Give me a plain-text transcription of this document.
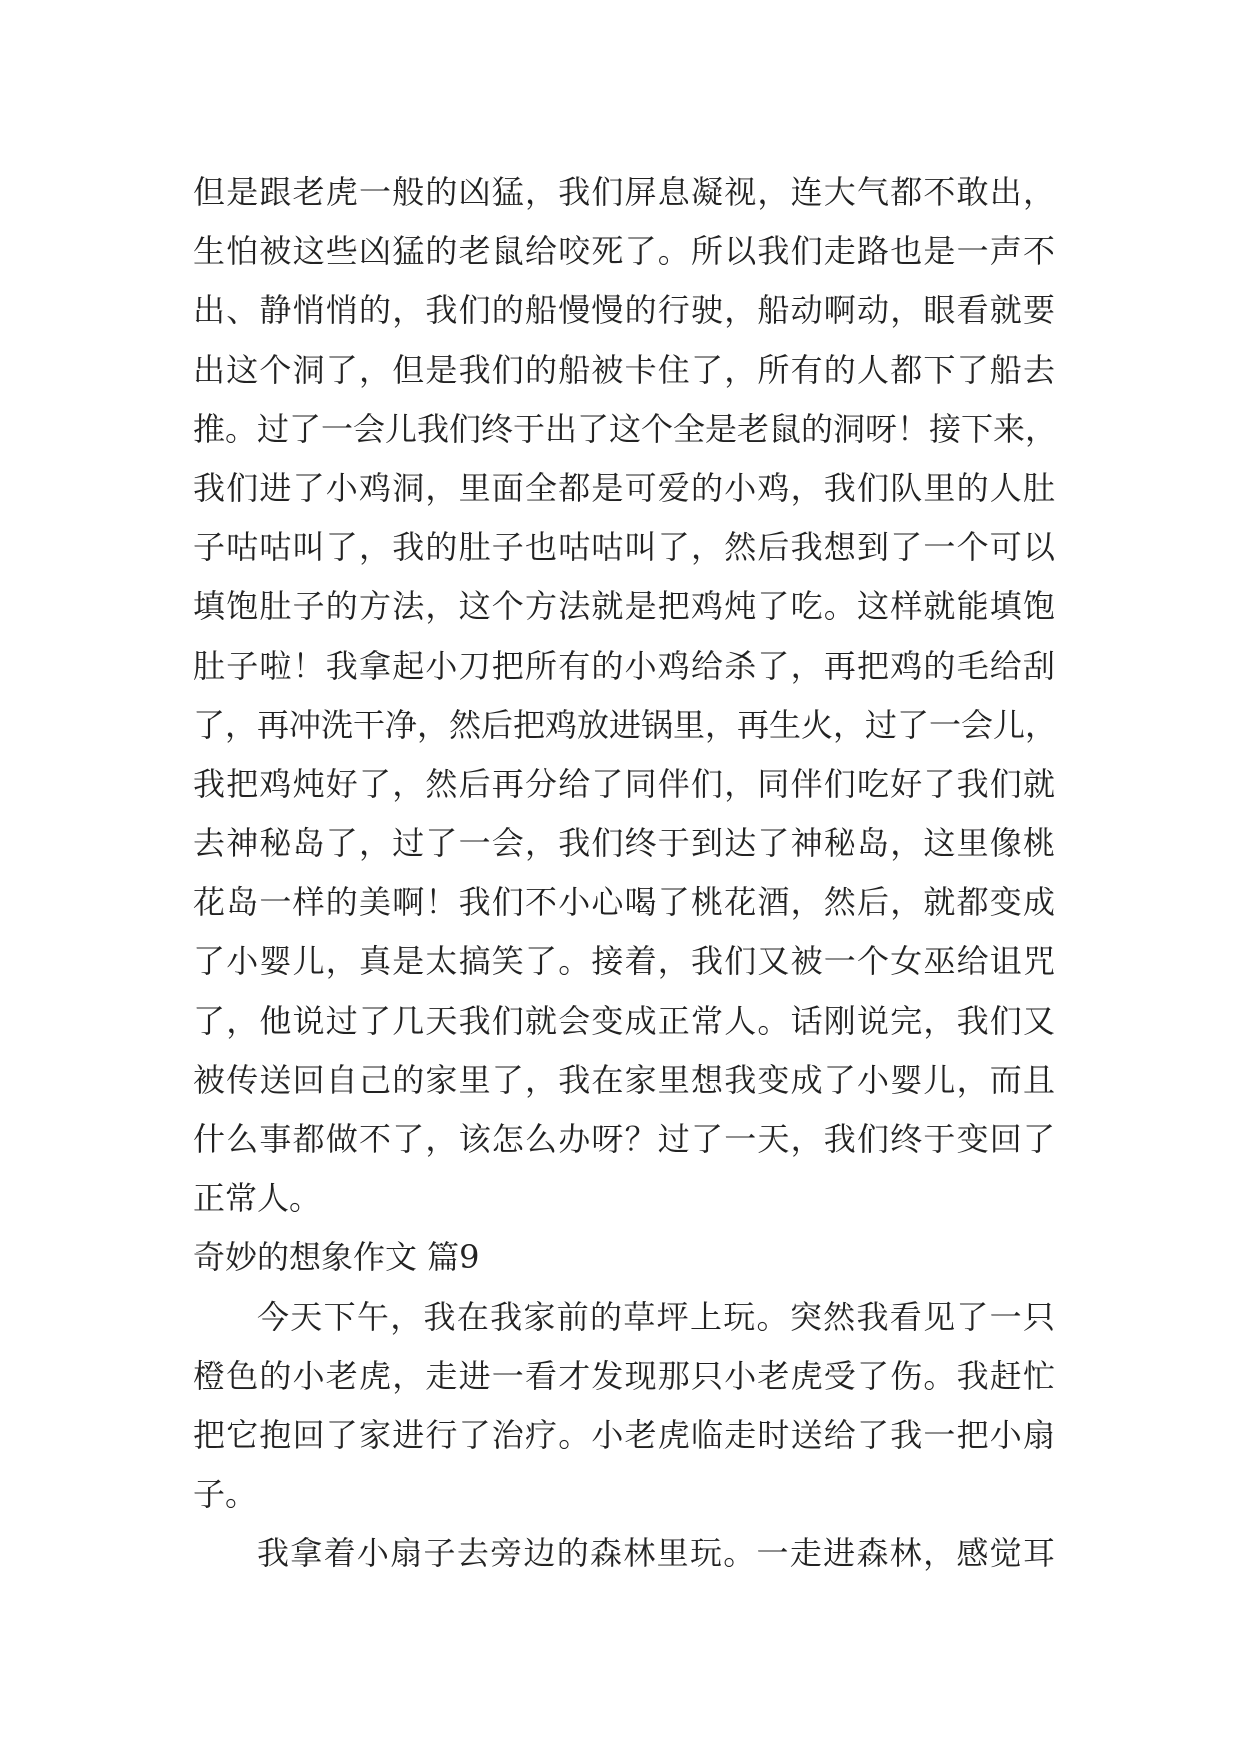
但是跟老虎一般的凶猛，我们屏息凝视，连大气都不敢出，
生怕被这些凶猛的老鼠给咬死了。所以我们走路也是一声不
出、静悄悄的，我们的船慢慢的行驶，船动啊动，眼看就要
出这个洞了，但是我们的船被卡住了，所有的人都下了船去
推。过了一会儿我们终于出了这个全是老鼠的洞呀！接下来，
我们进了小鸡洞，里面全都是可爱的小鸡，我们队里的人肚
子咕咕叫了，我的肚子也咕咕叫了，然后我想到了一个可以
填饱肚子的方法，这个方法就是把鸡炖了吃。这样就能填饱
肚子啦！我拿起小刀把所有的小鸡给杀了，再把鸡的毛给刮
了，再冲洗干净，然后把鸡放进锅里，再生火，过了一会儿，
我把鸡炖好了，然后再分给了同伴们，同伴们吃好了我们就
去神秘岛了，过了一会，我们终于到达了神秘岛，这里像桃
花岛一样的美啊！我们不小心喝了桃花酒，然后，就都变成
了小婴儿，真是太搞笑了。接着，我们又被一个女巫给诅咒
了，他说过了几天我们就会变成正常人。话刚说完，我们又
被传送回自己的家里了，我在家里想我变成了小婴儿，而且
什么事都做不了，该怎么办呀？过了一天，我们终于变回了
正常人。
奇妙的想象作文 篇9
今天下午，我在我家前的草坪上玩。突然我看见了一只
橙色的小老虎，走进一看才发现那只小老虎受了伤。我赶忙
把它抱回了家进行了治疗。小老虎临走时送给了我一把小扇
子。
我拿着小扇子去旁边的森林里玩。一走进森林，感觉耳
